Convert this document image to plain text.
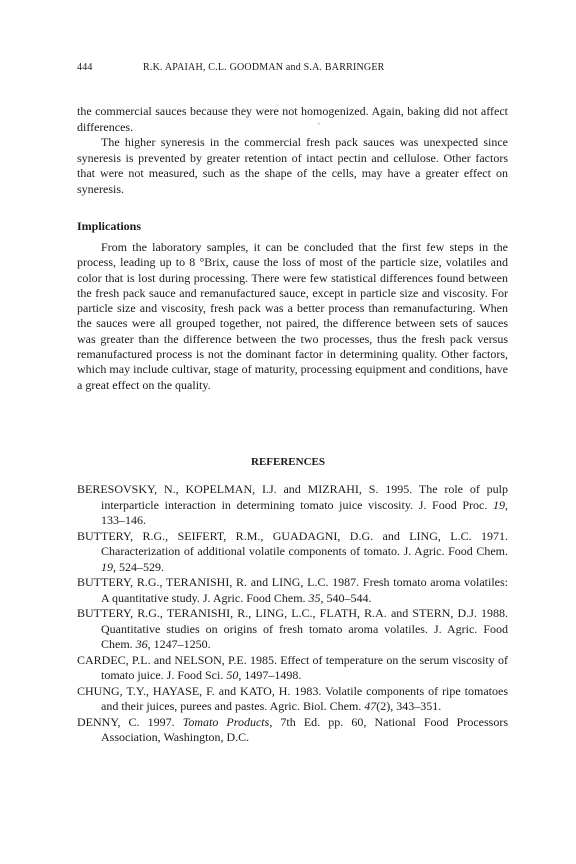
444	R.K. APAIAH, C.L. GOODMAN and S.A. BARRINGER

the commercial sauces because they were not homogenized. Again, baking did not affect differences.

The higher syneresis in the commercial fresh pack sauces was unexpected since syneresis is prevented by greater retention of intact pectin and cellulose. Other factors that were not measured, such as the shape of the cells, may have a greater effect on syneresis.

ʹ
Implications

From the laboratory samples, it can be concluded that the first few steps in the process, leading up to 8 °Brix, cause the loss of most of the particle size, volatiles and color that is lost during processing. There were few statistical differences found between the fresh pack sauce and remanufactured sauce, except in particle size and viscosity. For particle size and viscosity, fresh pack was a better process than remanufacturing. When the sauces were all grouped together, not paired, the difference between sets of sauces was greater than the difference between the two processes, thus the fresh pack versus remanufactured process is not the dominant factor in determining quality. Other factors, which may include cultivar, stage of maturity, processing equipment and conditions, have a great effect on the quality.

REFERENCES
BERESOVSKY, N., KOPELMAN, I.J. and MIZRAHI, S. 1995. The role of pulp interparticle interaction in determining tomato juice viscosity. J. Food Proc. 19, 133–146.
BUTTERY, R.G., SEIFERT, R.M., GUADAGNI, D.G. and LING, L.C. 1971. Characterization of additional volatile components of tomato. J. Agric. Food Chem. 19, 524–529.
BUTTERY, R.G., TERANISHI, R. and LING, L.C. 1987. Fresh tomato aroma volatiles: A quantitative study. J. Agric. Food Chem. 35, 540–544.
BUTTERY, R.G., TERANISHI, R., LING, L.C., FLATH, R.A. and STERN, D.J. 1988. Quantitative studies on origins of fresh tomato aroma volatiles. J. Agric. Food Chem. 36, 1247–1250.
CARDEC, P.L. and NELSON, P.E. 1985. Effect of temperature on the serum viscosity of tomato juice. J. Food Sci. 50, 1497–1498.
CHUNG, T.Y., HAYASE, F. and KATO, H. 1983. Volatile components of ripe tomatoes and their juices, purees and pastes. Agric. Biol. Chem. 47(2), 343–351.
DENNY, C. 1997. Tomato Products, 7th Ed. pp. 60, National Food Processors Association, Washington, D.C.
